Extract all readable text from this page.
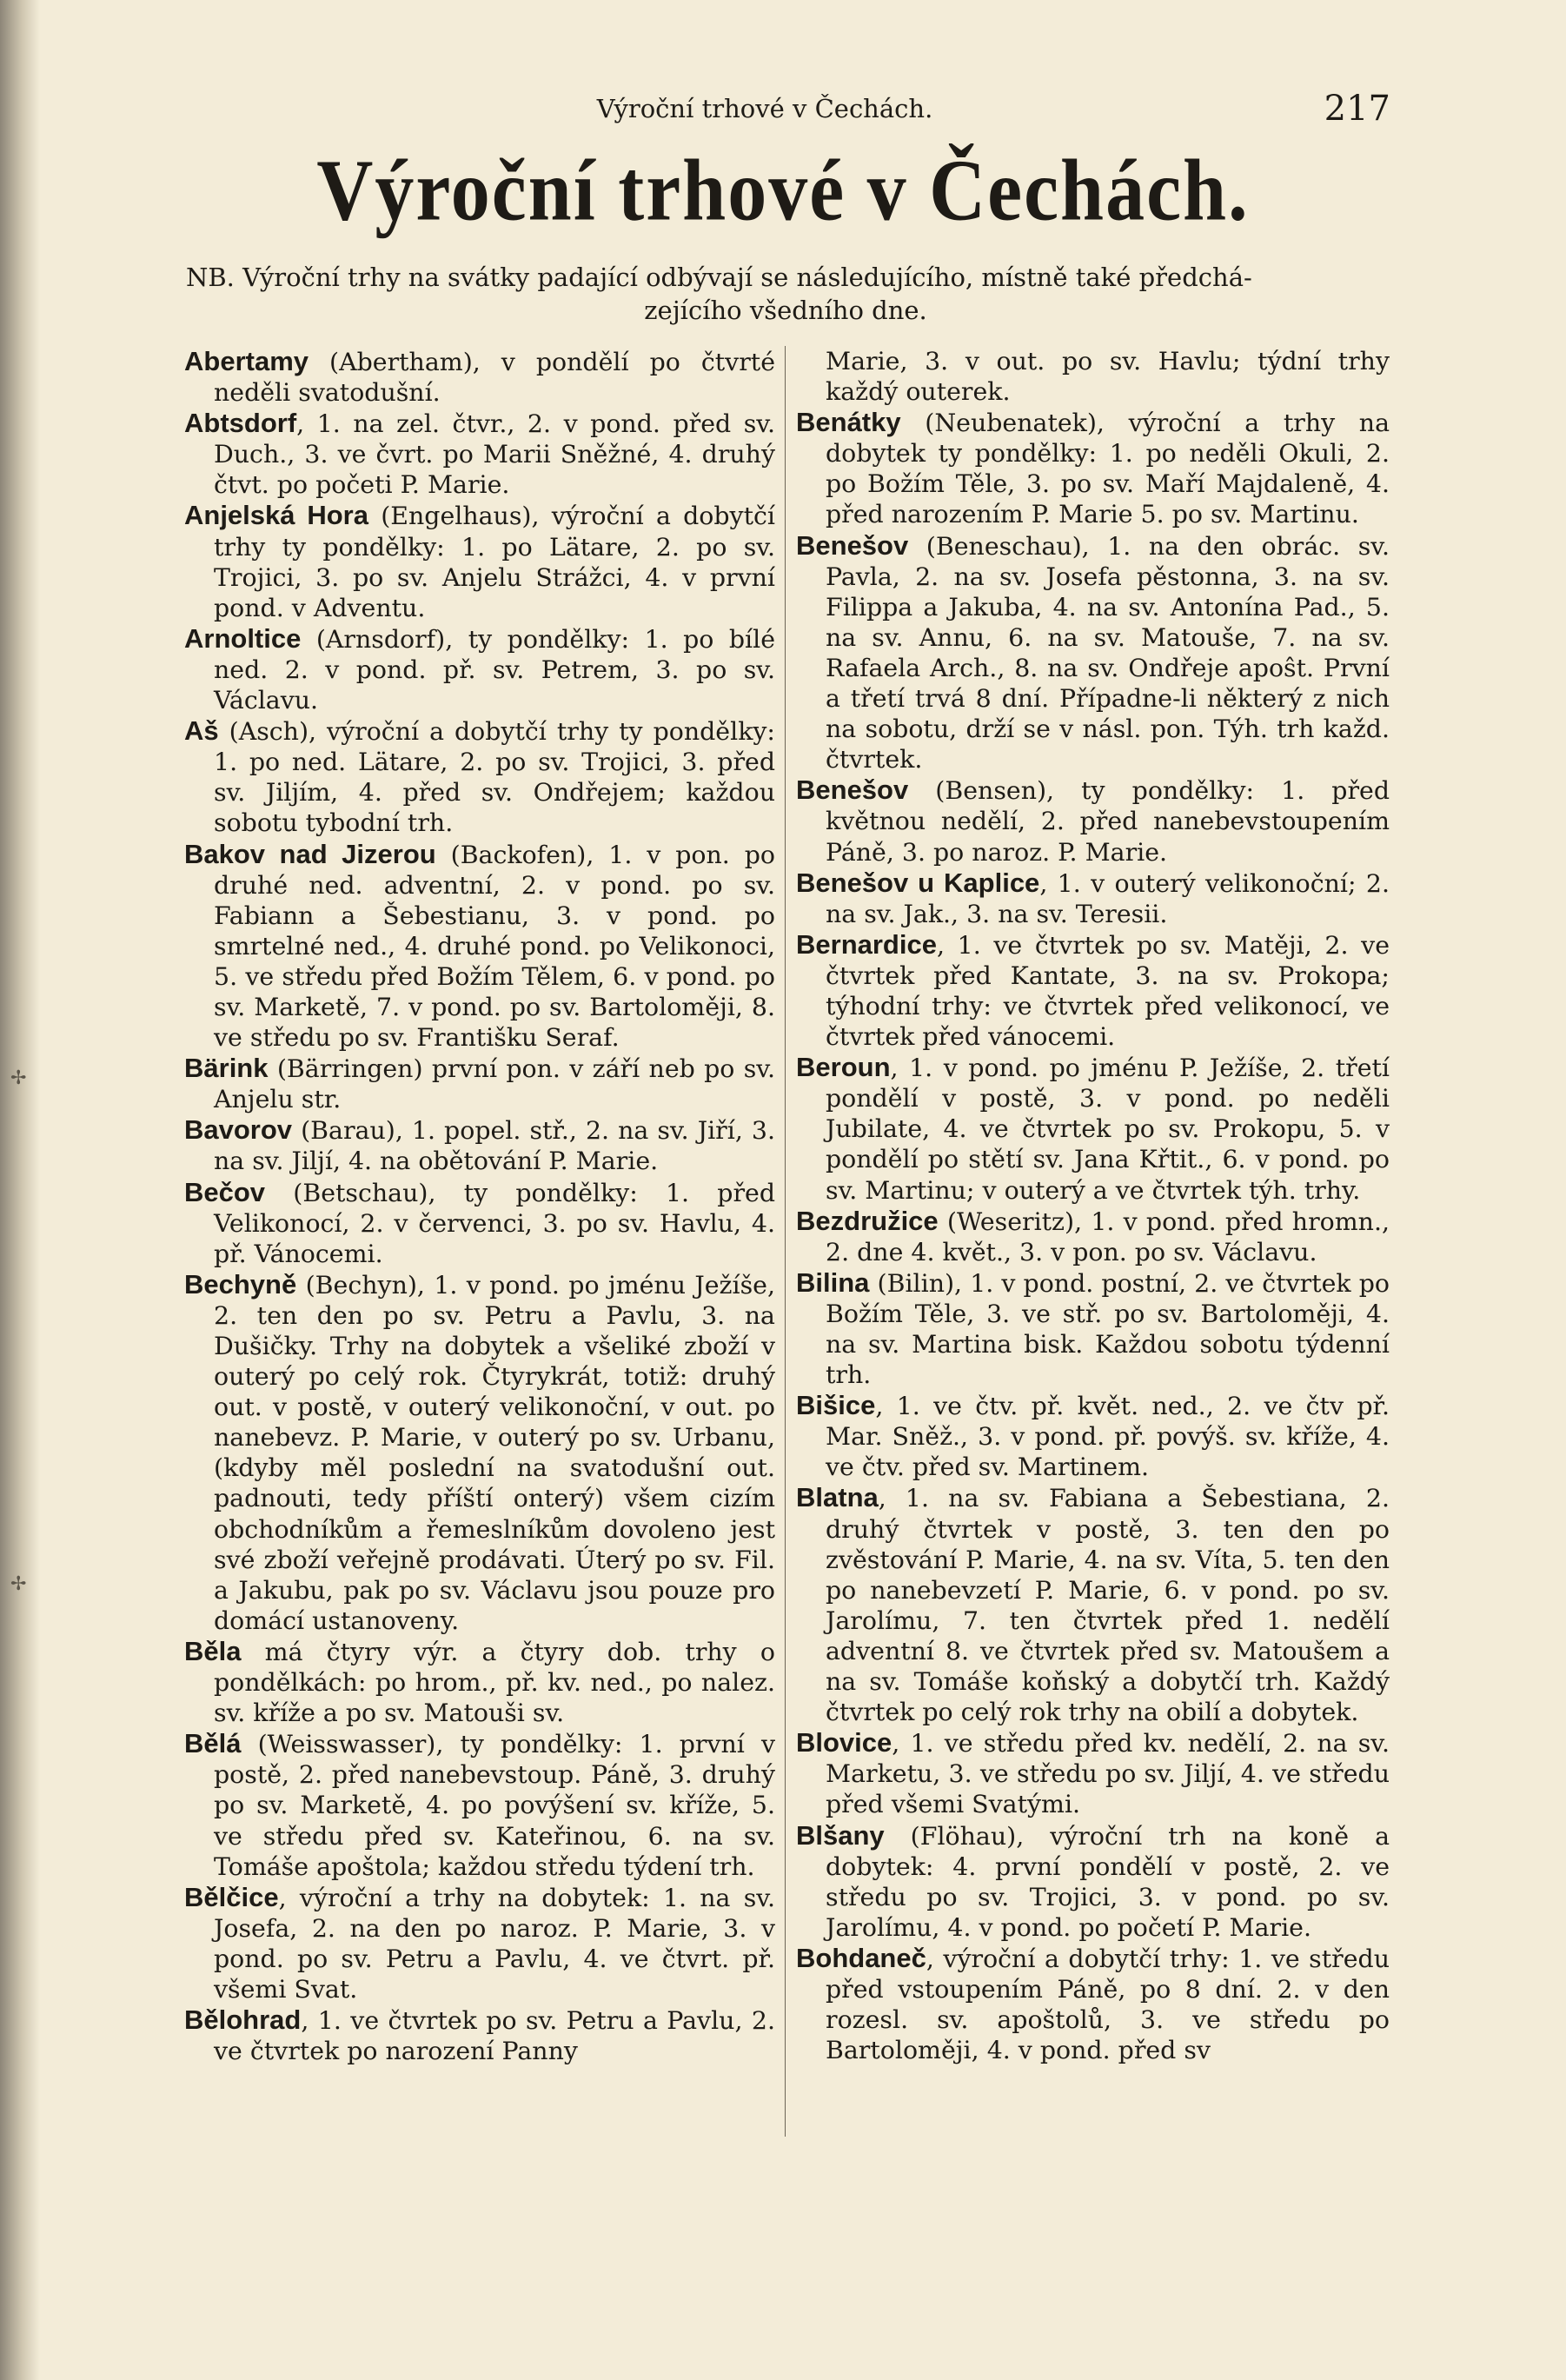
✢
✢
Výroční trhové v Čechách.	217
Výroční trhové v Čechách.
NB. Výroční trhy na svátky padající odbývají se následujícího, místně také předchá-

zejícího všedního dne.

Abertamy (Abertham), v pondělí po čtvrté neděli svatodušní.

Abtsdorf, 1. na zel. čtvr., 2. v pond. před sv. Duch., 3. ve čvrt. po Marii Sněžné, 4. druhý čtvt. po početi P. Marie.

Anjelská Hora (Engelhaus), výroční a dobytčí trhy ty pondělky: 1. po Lätare, 2. po sv. Trojici, 3. po sv. Anjelu Strážci, 4. v první pond. v Adventu.

Arnoltice (Arnsdorf), ty pondělky: 1. po bílé ned. 2. v pond. př. sv. Petrem, 3. po sv. Václavu.

Aš (Asch), výroční a dobytčí trhy ty pondělky: 1. po ned. Lätare, 2. po sv. Trojici, 3. před sv. Jiljím, 4. před sv. Ondřejem; každou sobotu tybodní trh.

Bakov nad Jizerou (Backofen), 1. v pon. po druhé ned. adventní, 2. v pond. po sv. Fabiann a Šebestianu, 3. v pond. po smrtelné ned., 4. druhé pond. po Velikonoci, 5. ve středu před Božím Tělem, 6. v pond. po sv. Marketě, 7. v pond. po sv. Bartoloměji, 8. ve středu po sv. Františku Seraf.

Bärink (Bärringen) první pon. v září neb po sv. Anjelu str.

Bavorov (Barau), 1. popel. stř., 2. na sv. Jiří, 3. na sv. Jiljí, 4. na obětování P. Marie.

Bečov (Betschau), ty pondělky: 1. před Velikonocí, 2. v červenci, 3. po sv. Havlu, 4. př. Vánocemi.

Bechyně (Bechyn), 1. v pond. po jménu Ježíše, 2. ten den po sv. Petru a Pavlu, 3. na Dušičky. Trhy na dobytek a všeliké zboží v outerý po celý rok. Čtyrykrát, totiž: druhý out. v postě, v outerý velikonoční, v out. po nanebevz. P. Marie, v outerý po sv. Urbanu, (kdyby měl poslední na svatodušní out. padnouti, tedy příští onterý) všem cizím obchodníkům a řemeslníkům dovoleno jest své zboží veřejně prodávati. Úterý po sv. Fil. a Jakubu, pak po sv. Václavu jsou pouze pro domácí ustanoveny.

Běla má čtyry výr. a čtyry dob. trhy o pondělkách: po hrom., př. kv. ned., po nalez. sv. kříže a po sv. Matouši sv.

Bělá (Weisswasser), ty pondělky: 1. první v postě, 2. před nanebevstoup. Páně, 3. druhý po sv. Marketě, 4. po povýšení sv. kříže, 5. ve středu před sv. Kateřinou, 6. na sv. Tomáše apoštola; každou středu týdení trh.

Bělčice, výroční a trhy na dobytek: 1. na sv. Josefa, 2. na den po naroz. P. Marie, 3. v pond. po sv. Petru a Pavlu, 4. ve čtvrt. př. všemi Svat.

Bělohrad, 1. ve čtvrtek po sv. Petru a Pavlu, 2. ve čtvrtek po narození Panny

Marie, 3. v out. po sv. Havlu; týdní trhy každý outerek.

Benátky (Neubenatek), výroční a trhy na dobytek ty pondělky: 1. po neděli Okuli, 2. po Božím Těle, 3. po sv. Maří Majdaleně, 4. před narozením P. Marie 5. po sv. Martinu.

Benešov (Beneschau), 1. na den obrác. sv. Pavla, 2. na sv. Josefa pěstonna, 3. na sv. Filippa a Jakuba, 4. na sv. Antonína Pad., 5. na sv. Annu, 6. na sv. Matouše, 7. na sv. Rafaela Arch., 8. na sv. Ondřeje apoŝt. První a třetí trvá 8 dní. Případne-li některý z nich na sobotu, drží se v násl. pon. Týh. trh každ. čtvrtek.

Benešov (Bensen), ty pondělky: 1. před květnou nedělí, 2. před nanebevstoupením Páně, 3. po naroz. P. Marie.

Benešov u Kaplice, 1. v outerý velikonoční; 2. na sv. Jak., 3. na sv. Teresii.

Bernardice, 1. ve čtvrtek po sv. Matěji, 2. ve čtvrtek před Kantate, 3. na sv. Prokopa; týhodní trhy: ve čtvrtek před velikonocí, ve čtvrtek před vánocemi.

Beroun, 1. v pond. po jménu P. Ježíše, 2. třetí pondělí v postě, 3. v pond. po neděli Jubilate, 4. ve čtvrtek po sv. Prokopu, 5. v pondělí po stětí sv. Jana Křtit., 6. v pond. po sv. Martinu; v outerý a ve čtvrtek týh. trhy.

Bezdružice (Weseritz), 1. v pond. před hromn., 2. dne 4. květ., 3. v pon. po sv. Václavu.

Bilina (Bilin), 1. v pond. postní, 2. ve čtvrtek po Božím Těle, 3. ve stř. po sv. Bartoloměji, 4. na sv. Martina bisk. Každou sobotu týdenní trh.

Bišice, 1. ve čtv. př. květ. ned., 2. ve čtv př. Mar. Sněž., 3. v pond. př. povýš. sv. kříže, 4. ve čtv. před sv. Martinem.

Blatna, 1. na sv. Fabiana a Šebestiana, 2. druhý čtvrtek v postě, 3. ten den po zvěstování P. Marie, 4. na sv. Víta, 5. ten den po nanebevzetí P. Marie, 6. v pond. po sv. Jarolímu, 7. ten čtvrtek před 1. nedělí adventní 8. ve čtvrtek před sv. Matoušem a na sv. Tomáše koňský a dobytčí trh. Každý čtvrtek po celý rok trhy na obilí a dobytek.

Blovice, 1. ve středu před kv. nedělí, 2. na sv. Marketu, 3. ve středu po sv. Jiljí, 4. ve středu před všemi Svatými.

Blšany (Flöhau), výroční trh na koně a dobytek: 4. první pondělí v postě, 2. ve středu po sv. Trojici, 3. v pond. po sv. Jarolímu, 4. v pond. po početí P. Marie.

Bohdaneč, výroční a dobytčí trhy: 1. ve středu před vstoupením Páně, po 8 dní. 2. v den rozesl. sv. apoštolů, 3. ve středu po Bartoloměji, 4. v pond. před sv
